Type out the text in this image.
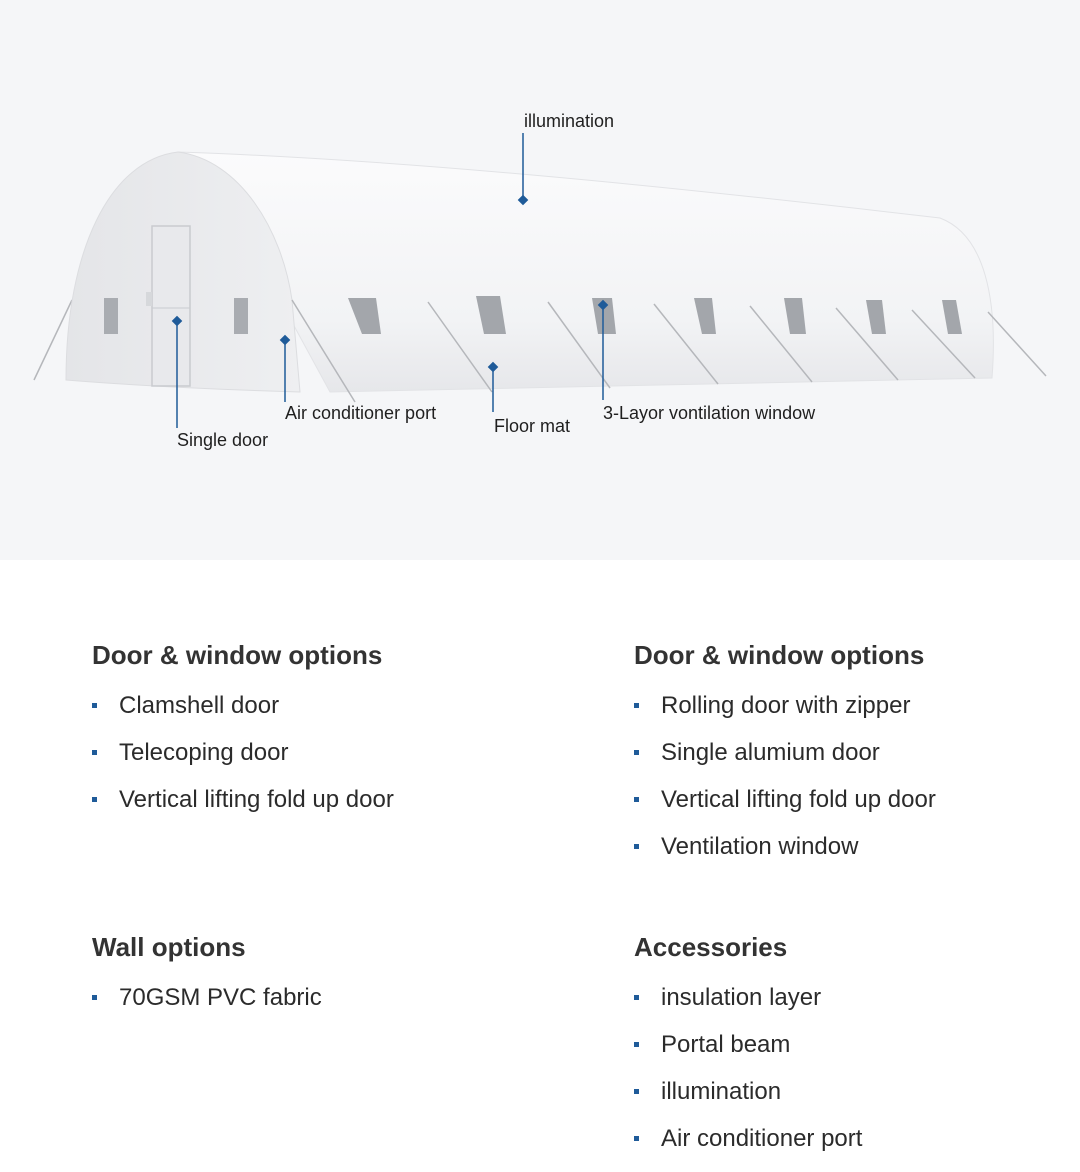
illumination
Single door
Air conditioner port
Floor mat
3-Layor vontilation window
Door & window options
Clamshell door
Telecoping door
Vertical lifting fold up door
Door & window options
Rolling door with zipper
Single alumium door
Vertical lifting fold up door
Ventilation window
Wall options
70GSM PVC fabric
Accessories
insulation layer
Portal beam
illumination
Air conditioner port
